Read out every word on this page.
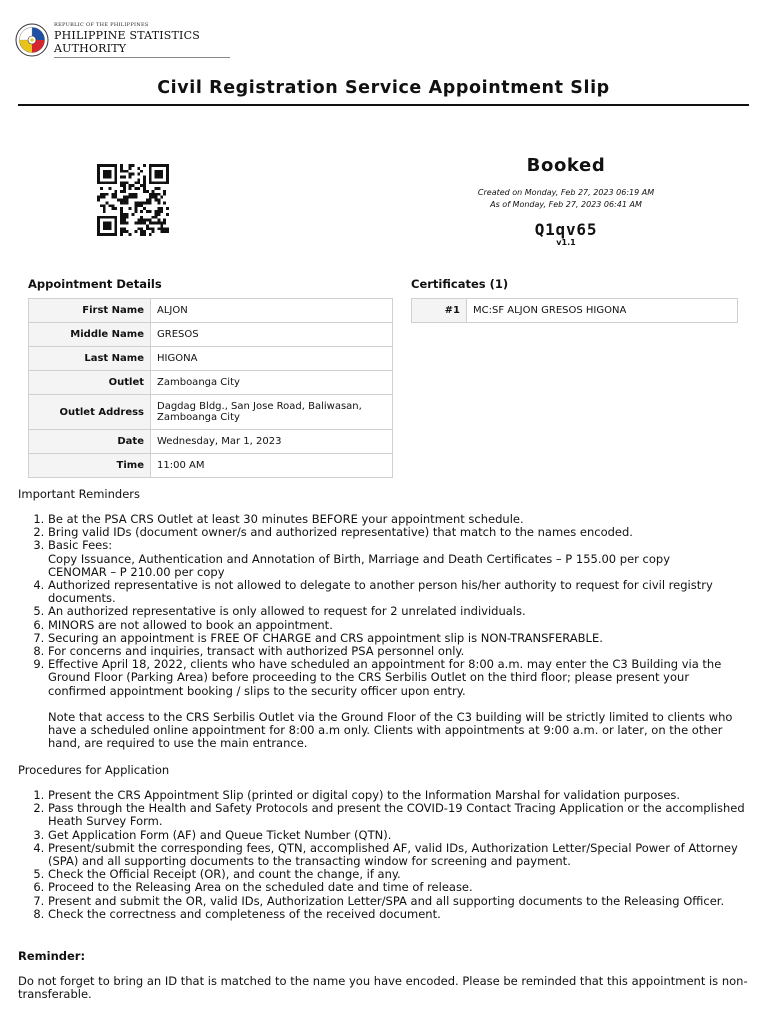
REPUBLIC OF THE PHILIPPINES
PHILIPPINE STATISTICS AUTHORITY
Civil Registration Service Appointment Slip
Booked
Created on Monday, Feb 27, 2023 06:19 AM
As of Monday, Feb 27, 2023 06:41 AM
Q1qv65
v1.1
Appointment Details	Certificates (1)
First Name	ALJON
Middle Name	GRESOS
Last Name	HIGONA
Outlet	Zamboanga City
Outlet Address	Dagdag Bldg., San Jose Road, Baliwasan,
Zamboanga City

Date	Wednesday, Mar 1, 2023
Time	11:00 AM
#1	MC:SF ALJON GRESOS HIGONA
Important Reminders
1. Be at the PSA CRS Outlet at least 30 minutes BEFORE your appointment schedule.
2. Bring valid IDs (document owner/s and authorized representative) that match to the names encoded.
3. Basic Fees:
Copy Issuance, Authentication and Annotation of Birth, Marriage and Death Certificates – P 155.00 per copy
CENOMAR – P 210.00 per copy
4. Authorized representative is not allowed to delegate to another person his/her authority to request for civil registry documents.
5. An authorized representative is only allowed to request for 2 unrelated individuals.
6. MINORS are not allowed to book an appointment.
7. Securing an appointment is FREE OF CHARGE and CRS appointment slip is NON-TRANSFERABLE.
8. For concerns and inquiries, transact with authorized PSA personnel only.
9. Effective April 18, 2022, clients who have scheduled an appointment for 8:00 a.m. may enter the C3 Building via the Ground Floor (Parking Area) before proceeding to the CRS Serbilis Outlet on the third floor; please present your confirmed appointment booking / slips to the security officer upon entry.
Note that access to the CRS Serbilis Outlet via the Ground Floor of the C3 building will be strictly limited to clients who have a scheduled online appointment for 8:00 a.m only. Clients with appointments at 9:00 a.m. or later, on the other hand, are required to use the main entrance.
Procedures for Application
1. Present the CRS Appointment Slip (printed or digital copy) to the Information Marshal for validation purposes.
2. Pass through the Health and Safety Protocols and present the COVID-19 Contact Tracing Application or the accomplished Heath Survey Form.
3. Get Application Form (AF) and Queue Ticket Number (QTN).
4. Present/submit the corresponding fees, QTN, accomplished AF, valid IDs, Authorization Letter/Special Power of Attorney (SPA) and all supporting documents to the transacting window for screening and payment.
5. Check the Official Receipt (OR), and count the change, if any.
6. Proceed to the Releasing Area on the scheduled date and time of release.
7. Present and submit the OR, valid IDs, Authorization Letter/SPA and all supporting documents to the Releasing Officer.
8. Check the correctness and completeness of the received document.
Reminder:
Do not forget to bring an ID that is matched to the name you have encoded. Please be reminded that this appointment is non-transferable.
